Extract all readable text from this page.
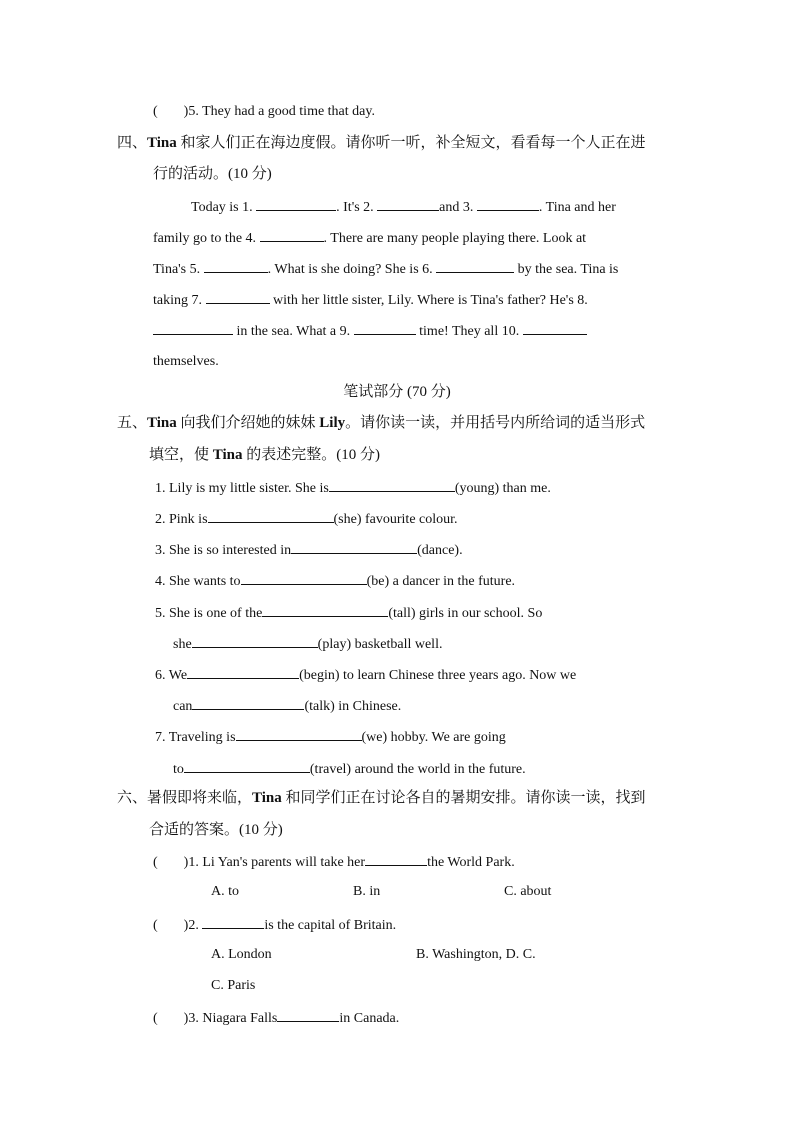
( )5. They had a good time that day.
四、Tina 和家人们正在海边度假。请你听一听，补全短文，看看每一个人正在进
行的活动。(10 分)
Today is 1.	. It's 2.	and 3.	. Tina and her
family go to the 4.	. There are many people playing there. Look at
Tina's 5.	. What is she doing? She is 6.	by the sea. Tina is
taking 7.	with her little sister, Lily. Where is Tina's father? He's 8.
in the sea. What a 9.	time! They all 10.
themselves.
笔试部分 (70 分)
五、Tina 向我们介绍她的妹妹 Lily。请你读一读，并用括号内所给词的适当形式
填空，使 Tina 的表述完整。(10 分)
1. Lily is my little sister. She is	(young) than me.
2. Pink is	(she) favourite colour.
3. She is so interested in	(dance).
4. She wants to	(be) a dancer in the future.
5. She is one of the	(tall) girls in our school. So
she	(play) basketball well.
6. We	(begin) to learn Chinese three years ago. Now we
can	(talk) in Chinese.
7. Traveling is	(we) hobby. We are going
to	(travel) around the world in the future.
六、暑假即将来临，Tina 和同学们正在讨论各自的暑期安排。请你读一读，找到
合适的答案。(10 分)
( )1. Li Yan's parents will take her	the World Park.
A. to	B. in	C. about
( )2.	is the capital of Britain.
A. London	B. Washington, D. C.
C. Paris
( )3. Niagara Falls	in Canada.
